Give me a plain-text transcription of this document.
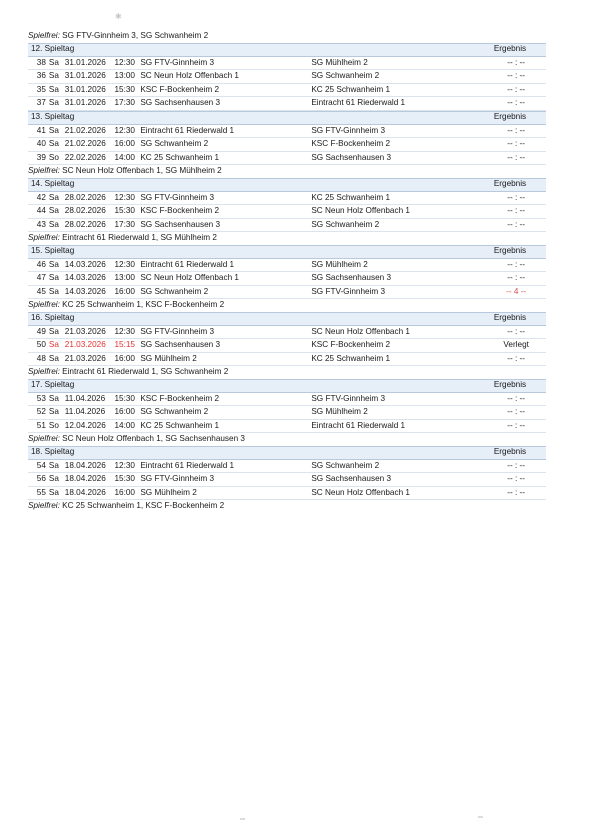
✱
Spielfrei: SG FTV-Ginnheim 3, SG Schwanheim 2
12. Spieltag	Ergebnis
38 Sa 31.01.2026	12:30 SG FTV-Ginnheim 3	SG Mühlheim 2	-- : --
36 Sa 31.01.2026	13:00 SC Neun Holz Offenbach 1	SG Schwanheim 2	-- : --
35 Sa 31.01.2026	15:30 KSC F-Bockenheim 2	KC 25 Schwanheim 1	-- : --
37 Sa 31.01.2026	17:30 SG Sachsenhausen 3	Eintracht 61 Riederwald 1	-- : --
13. Spieltag	Ergebnis
41 Sa 21.02.2026	12:30 Eintracht 61 Riederwald 1	SG FTV-Ginnheim 3	-- : --
40 Sa 21.02.2026	16:00 SG Schwanheim 2	KSC F-Bockenheim 2	-- : --
39 So 22.02.2026	14:00 KC 25 Schwanheim 1	SG Sachsenhausen 3	-- : --
Spielfrei: SC Neun Holz Offenbach 1, SG Mühlheim 2
14. Spieltag	Ergebnis
42 Sa 28.02.2026	12:30 SG FTV-Ginnheim 3	KC 25 Schwanheim 1	-- : --
44 Sa 28.02.2026	15:30 KSC F-Bockenheim 2	SC Neun Holz Offenbach 1	-- : --
43 Sa 28.02.2026	17:30 SG Sachsenhausen 3	SG Schwanheim 2	-- : --
Spielfrei: Eintracht 61 Riederwald 1, SG Mühlheim 2
15. Spieltag	Ergebnis
46 Sa 14.03.2026	12:30 Eintracht 61 Riederwald 1	SG Mühlheim 2	-- : --
47 Sa 14.03.2026	13:00 SC Neun Holz Offenbach 1	SG Sachsenhausen 3	-- : --
45 Sa 14.03.2026	16:00 SG Schwanheim 2	SG FTV-Ginnheim 3	-- 4 --
Spielfrei: KC 25 Schwanheim 1, KSC F-Bockenheim 2
16. Spieltag	Ergebnis
49 Sa 21.03.2026	12:30 SG FTV-Ginnheim 3	SC Neun Holz Offenbach 1	-- : --
50 Sa 21.03.2026	15:15 SG Sachsenhausen 3	KSC F-Bockenheim 2	Verlegt
48 Sa 21.03.2026	16:00 SG Mühlheim 2	KC 25 Schwanheim 1	-- : --
Spielfrei: Eintracht 61 Riederwald 1, SG Schwanheim 2
17. Spieltag	Ergebnis
53 Sa 11.04.2026	15:30 KSC F-Bockenheim 2	SG FTV-Ginnheim 3	-- : --
52 Sa 11.04.2026	16:00 SG Schwanheim 2	SG Mühlheim 2	-- : --
51 So 12.04.2026	14:00 KC 25 Schwanheim 1	Eintracht 61 Riederwald 1	-- : --
Spielfrei: SC Neun Holz Offenbach 1, SG Sachsenhausen 3
18. Spieltag	Ergebnis
54 Sa 18.04.2026	12:30 Eintracht 61 Riederwald 1	SG Schwanheim 2	-- : --
56 Sa 18.04.2026	15:30 SG FTV-Ginnheim 3	SG Sachsenhausen 3	-- : --
55 Sa 18.04.2026	16:00 SG Mühlheim 2	SC Neun Holz Offenbach 1	-- : --
Spielfrei: KC 25 Schwanheim 1, KSC F-Bockenheim 2
